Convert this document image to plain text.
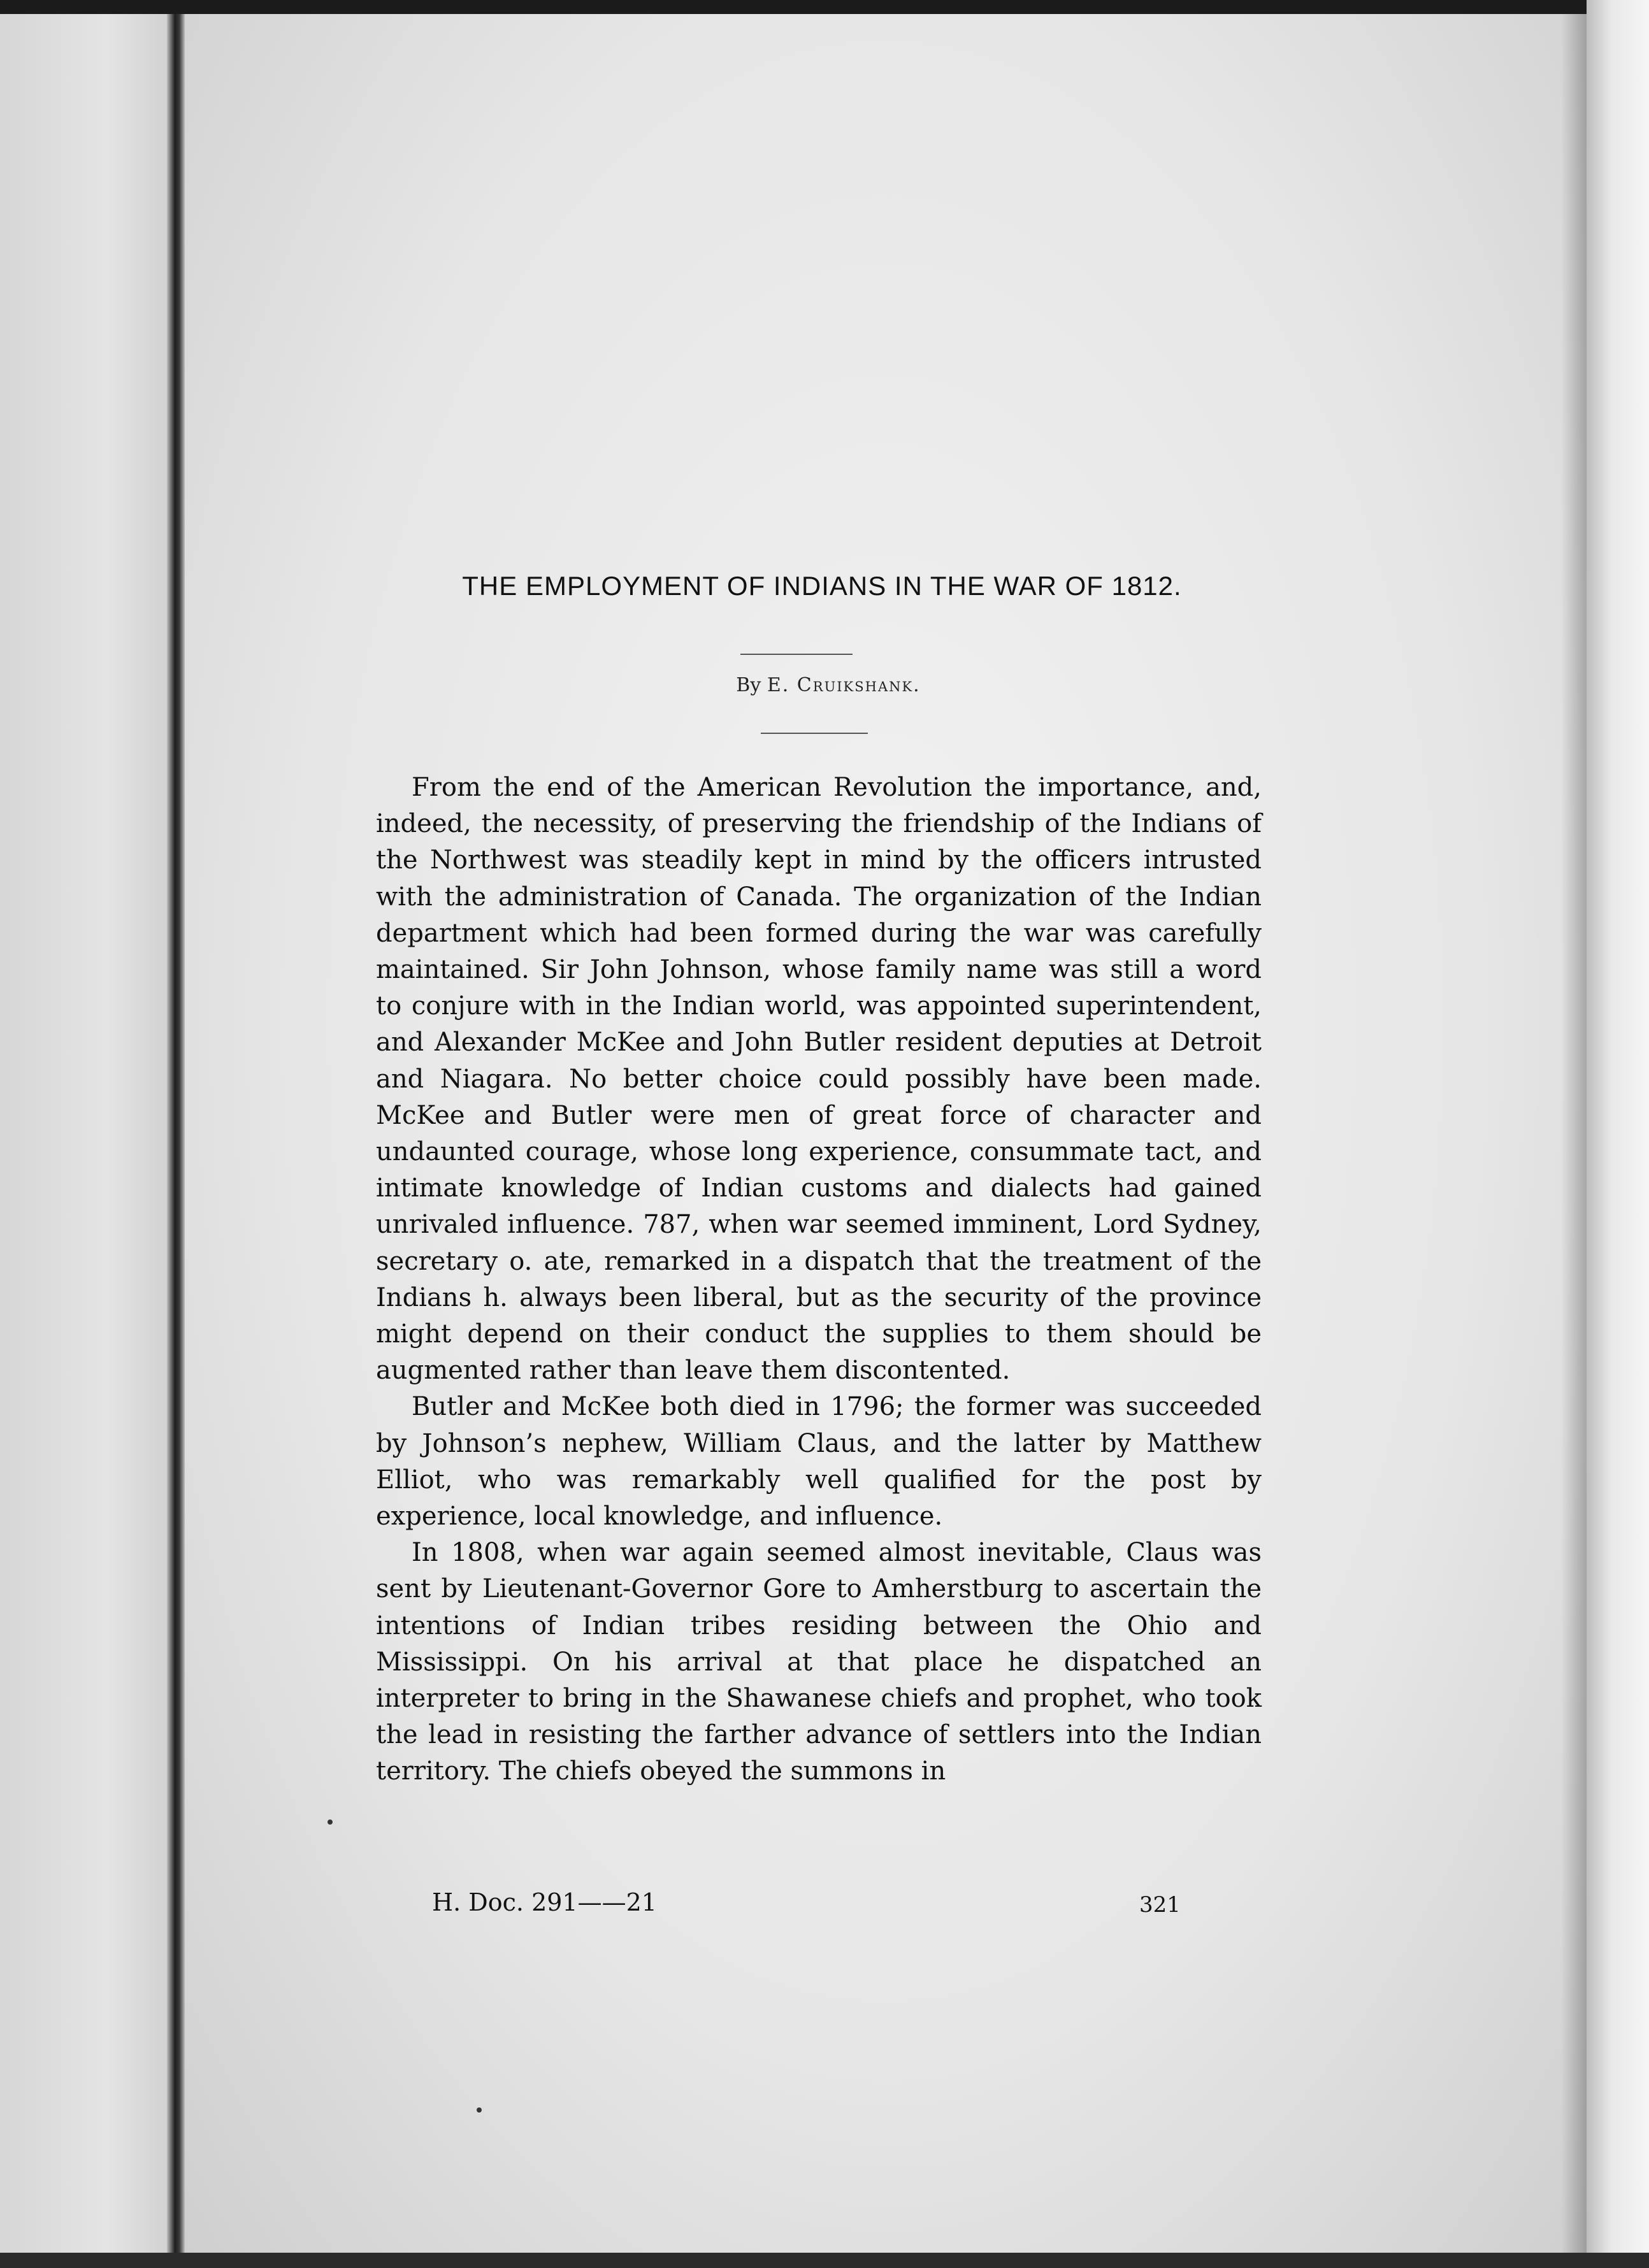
THE EMPLOYMENT OF INDIANS IN THE WAR OF 1812.
By E. Cruikshank.

From the end of the American Revolution the importance, and, indeed, the necessity, of preserving the friendship of the Indians of the Northwest was steadily kept in mind by the officers intrusted with the administration of Canada. The organization of the Indian department which had been formed during the war was carefully maintained. Sir John Johnson, whose family name was still a word to conjure with in the Indian world, was appointed superintendent, and Alexander McKee and John Butler resident deputies at Detroit and Niagara. No better choice could possibly have been made. McKee and Butler were men of great force of character and undaunted courage, whose long experience, consummate tact, and intimate knowledge of Indian customs and dialects had gained unrivaled influence. 787, when war seemed imminent, Lord Sydney, secretary o. ate, remarked in a dispatch that the treatment of the Indians h. always been liberal, but as the security of the province might depend on their conduct the supplies to them should be augmented rather than leave them discontented.

Butler and McKee both died in 1796; the former was succeeded by Johnson’s nephew, William Claus, and the latter by Matthew Elliot, who was remarkably well qualified for the post by experience, local knowledge, and influence.

In 1808, when war again seemed almost inevitable, Claus was sent by Lieutenant-Governor Gore to Amherstburg to ascertain the intentions of Indian tribes residing between the Ohio and Mississippi. On his arrival at that place he dispatched an interpreter to bring in the Shawanese chiefs and prophet, who took the lead in resisting the farther advance of settlers into the Indian territory. The chiefs obeyed the summons in

H. Doc. 291——21	321
